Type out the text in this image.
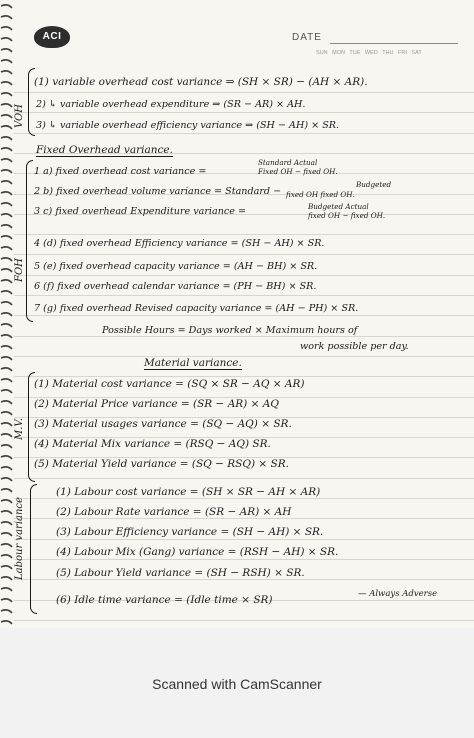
ACI	DATE
SUN MON TUE WED THU FRI SAT
VOH
(1) variable overhead cost variance ⇒ (SH × SR) − (AH × AR).
2) ↳ variable overhead expenditure ⇒ (SR − AR) × AH.
3) ↳ variable overhead efficiency variance ⇒ (SH − AH) × SR.
Fixed Overhead variance.
FOH
1 a) fixed overhead cost variance =
Standard Actual
Fixed OH − fixed OH.
2 b) fixed overhead volume variance = Standard −
Budgeted
fixed OH fixed OH.
3 c) fixed overhead Expenditure variance =	Budgeted Actual
fixed OH − fixed OH.
4 (d) fixed overhead Efficiency variance = (SH − AH) × SR.
5 (e) fixed overhead capacity variance = (AH − BH) × SR.
6 (f) fixed overhead calendar variance = (PH − BH) × SR.
7 (g) fixed overhead Revised capacity variance = (AH − PH) × SR.
Possible Hours = Days worked × Maximum hours of
work possible per day.
Material variance.
M.V.
(1) Material cost variance = (SQ × SR − AQ × AR)
(2) Material Price variance = (SR − AR) × AQ
(3) Material usages variance = (SQ − AQ) × SR.
(4) Material Mix variance = (RSQ − AQ) SR.
(5) Material Yield variance = (SQ − RSQ) × SR.
Labour variance
(1) Labour cost variance = (SH × SR − AH × AR)
(2) Labour Rate variance = (SR − AR) × AH
(3) Labour Efficiency variance = (SH − AH) × SR.
(4) Labour Mix (Gang) variance = (RSH − AH) × SR.
(5) Labour Yield variance = (SH − RSH) × SR.
(6) Idle time variance = (Idle time × SR)	— Always Adverse
Scanned with CamScanner
